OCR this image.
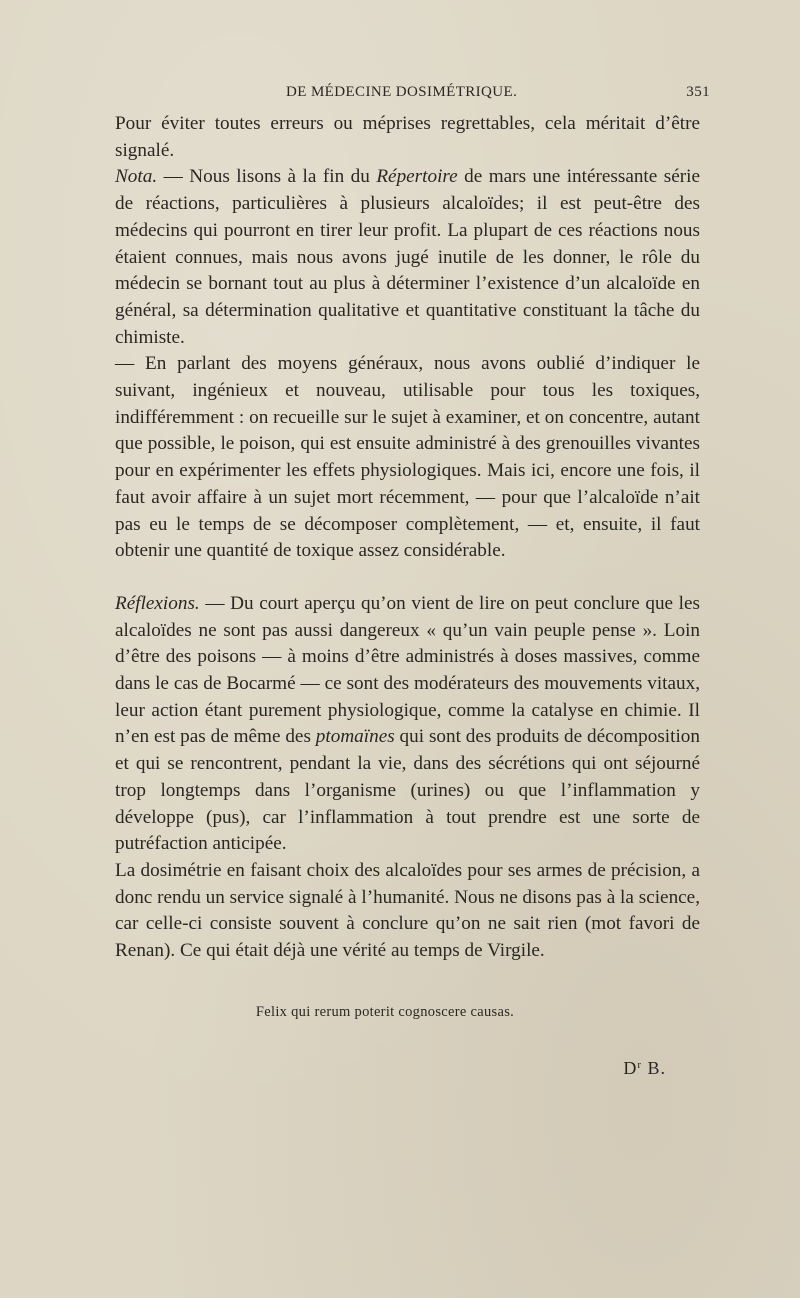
DE MÉDECINE DOSIMÉTRIQUE.	351

Pour éviter toutes erreurs ou méprises regrettables, cela méritait d’être signalé.

Nota. — Nous lisons à la fin du Répertoire de mars une intéressante série de réactions, particulières à plusieurs alcaloïdes; il est peut-être des médecins qui pourront en tirer leur profit. La plupart de ces réactions nous étaient connues, mais nous avons jugé inutile de les donner, le rôle du médecin se bornant tout au plus à déterminer l’existence d’un alcaloïde en général, sa détermination qualitative et quantitative constituant la tâche du chimiste.

— En parlant des moyens généraux, nous avons oublié d’indiquer le suivant, ingénieux et nouveau, utilisable pour tous les toxiques, indifféremment : on recueille sur le sujet à examiner, et on concentre, autant que possible, le poison, qui est ensuite administré à des grenouilles vivantes pour en expérimenter les effets physiologiques. Mais ici, encore une fois, il faut avoir affaire à un sujet mort récemment, — pour que l’alcaloïde n’ait pas eu le temps de se décomposer complètement, — et, ensuite, il faut obtenir une quantité de toxique assez considérable.

Réflexions. — Du court aperçu qu’on vient de lire on peut conclure que les alcaloïdes ne sont pas aussi dangereux « qu’un vain peuple pense ». Loin d’être des poisons — à moins d’être administrés à doses massives, comme dans le cas de Bocarmé — ce sont des modérateurs des mouvements vitaux, leur action étant purement physiologique, comme la catalyse en chimie. Il n’en est pas de même des ptomaïnes qui sont des produits de décomposition et qui se rencontrent, pendant la vie, dans des sécrétions qui ont séjourné trop longtemps dans l’organisme (urines) ou que l’inflammation y développe (pus), car l’inflammation à tout prendre est une sorte de putréfaction anticipée.

La dosimétrie en faisant choix des alcaloïdes pour ses armes de précision, a donc rendu un service signalé à l’humanité. Nous ne disons pas à la science, car celle-ci consiste souvent à conclure qu’on ne sait rien (mot favori de Renan). Ce qui était déjà une vérité au temps de Virgile.

Felix qui rerum poterit cognoscere causas.
$D^r$ B.
